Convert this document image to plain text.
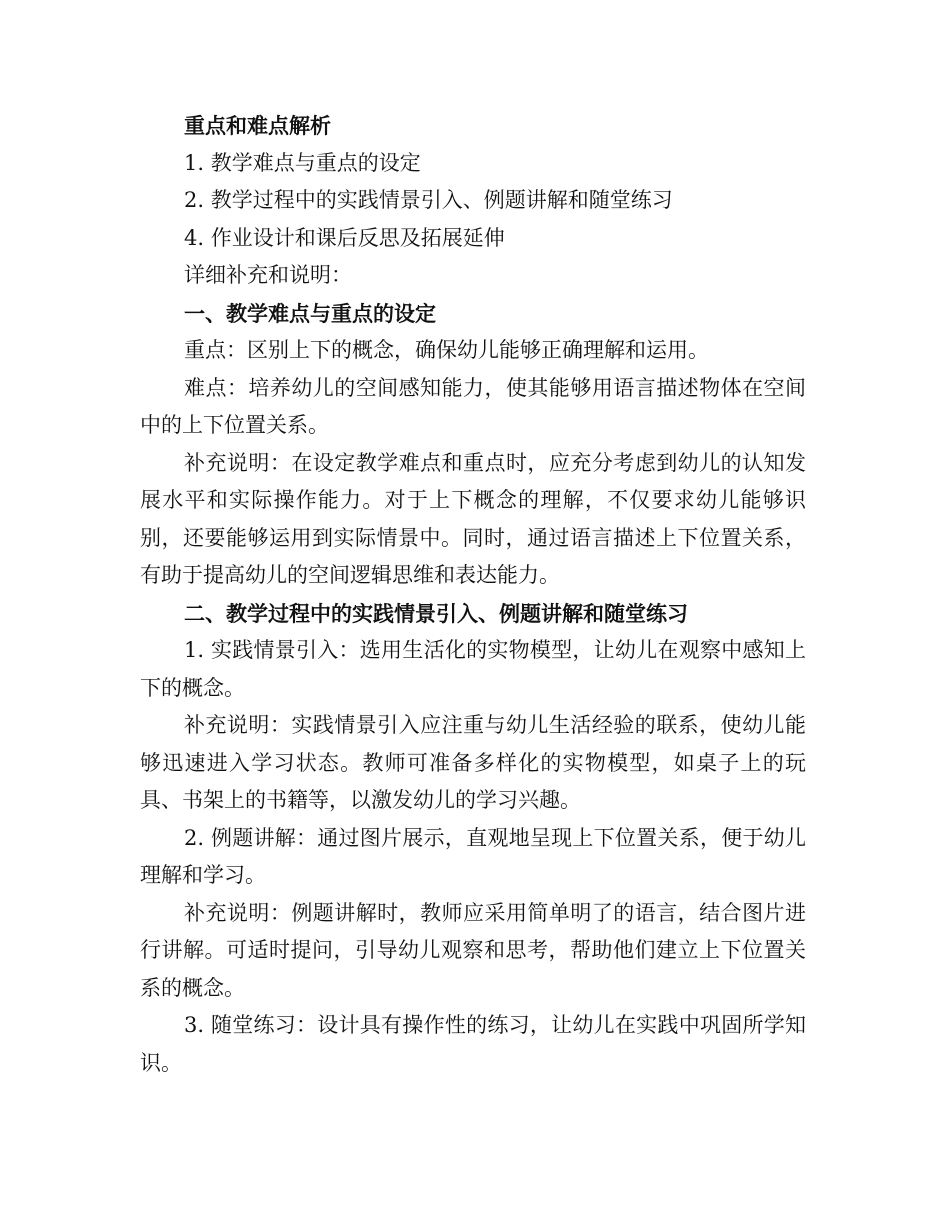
重点和难点解析

1. 教学难点与重点的设定

2. 教学过程中的实践情景引入、例题讲解和随堂练习

4. 作业设计和课后反思及拓展延伸

详细补充和说明：

一、教学难点与重点的设定

重点：区别上下的概念，确保幼儿能够正确理解和运用。

难点：培养幼儿的空间感知能力，使其能够用语言描述物体在空间中的上下位置关系。

补充说明：在设定教学难点和重点时，应充分考虑到幼儿的认知发展水平和实际操作能力。对于上下概念的理解，不仅要求幼儿能够识别，还要能够运用到实际情景中。同时，通过语言描述上下位置关系，有助于提高幼儿的空间逻辑思维和表达能力。

二、教学过程中的实践情景引入、例题讲解和随堂练习

1. 实践情景引入：选用生活化的实物模型，让幼儿在观察中感知上下的概念。

补充说明：实践情景引入应注重与幼儿生活经验的联系，使幼儿能够迅速进入学习状态。教师可准备多样化的实物模型，如桌子上的玩具、书架上的书籍等，以激发幼儿的学习兴趣。

2. 例题讲解：通过图片展示，直观地呈现上下位置关系，便于幼儿理解和学习。

补充说明：例题讲解时，教师应采用简单明了的语言，结合图片进行讲解。可适时提问，引导幼儿观察和思考，帮助他们建立上下位置关系的概念。

3. 随堂练习：设计具有操作性的练习，让幼儿在实践中巩固所学知识。
